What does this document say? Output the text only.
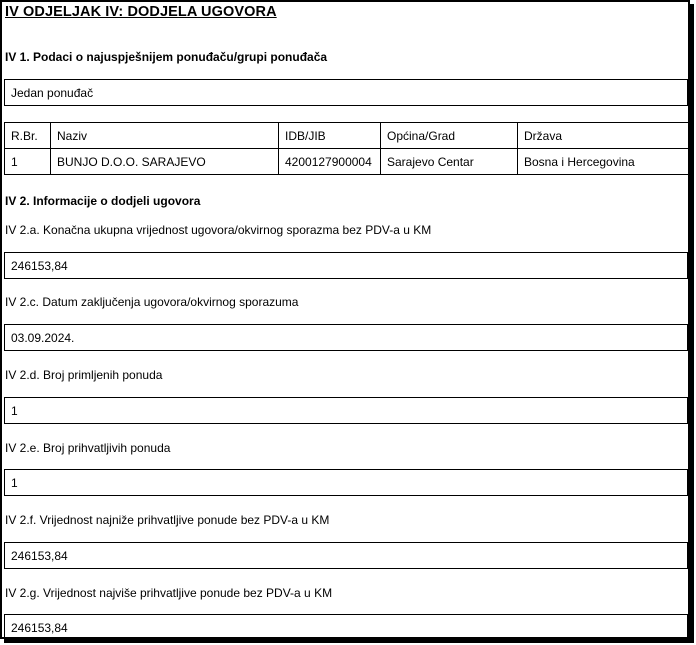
IV ODJELJAK IV: DODJELA UGOVORA
IV 1. Podaci o najuspješnijem ponuđaču/grupi ponuđača
Jedan ponuđač
R.Br.	Naziv	IDB/JIB	Općina/Grad	Država
1	BUNJO D.O.O. SARAJEVO	4200127900004	Sarajevo Centar	Bosna i Hercegovina
IV 2. Informacije o dodjeli ugovora
IV 2.a. Konačna ukupna vrijednost ugovora/okvirnog sporazma bez PDV-a u KM
246153,84
IV 2.c. Datum zaključenja ugovora/okvirnog sporazuma
03.09.2024.
IV 2.d. Broj primljenih ponuda
1
IV 2.e. Broj prihvatljivih ponuda
1
IV 2.f. Vrijednost najniže prihvatljive ponude bez PDV-a u KM
246153,84
IV 2.g. Vrijednost najviše prihvatljive ponude bez PDV-a u KM
246153,84
